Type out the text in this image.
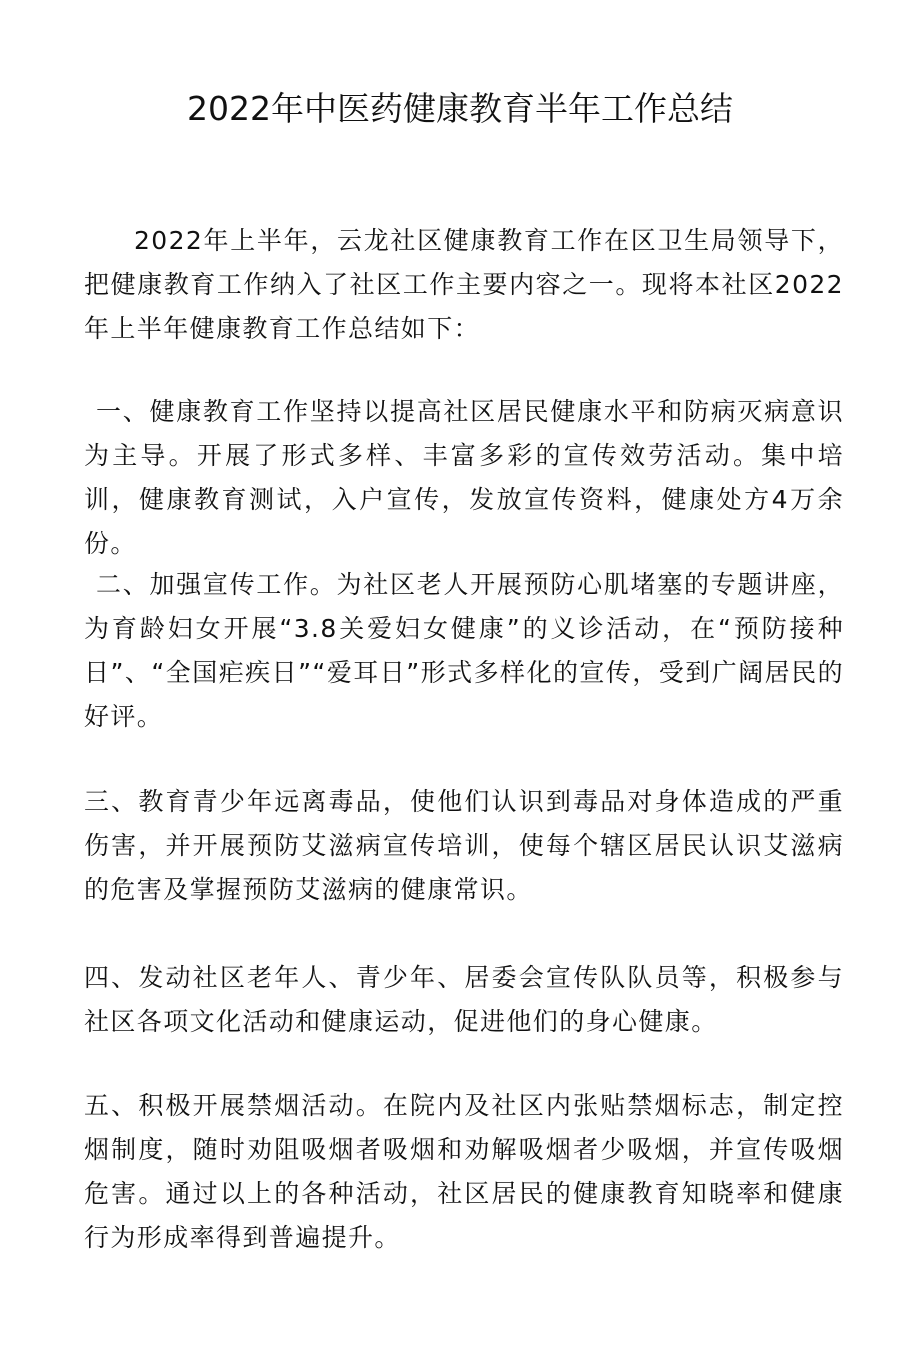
2022年中医药健康教育半年工作总结

2022年上半年，云龙社区健康教育工作在区卫生局领导下，把健康教育工作纳入了社区工作主要内容之一。现将本社区2022年上半年健康教育工作总结如下：

一、健康教育工作坚持以提高社区居民健康水平和防病灭病意识为主导。开展了形式多样、丰富多彩的宣传效劳活动。集中培训，健康教育测试，入户宣传，发放宣传资料，健康处方4万余份。

二、加强宣传工作。为社区老人开展预防心肌堵塞的专题讲座，为育龄妇女开展“3.8关爱妇女健康”的义诊活动，在“预防接种日”、“全国疟疾日”“爱耳日”形式多样化的宣传，受到广阔居民的好评。

三、教育青少年远离毒品，使他们认识到毒品对身体造成的严重伤害，并开展预防艾滋病宣传培训，使每个辖区居民认识艾滋病的危害及掌握预防艾滋病的健康常识。

四、发动社区老年人、青少年、居委会宣传队队员等，积极参与社区各项文化活动和健康运动，促进他们的身心健康。

五、积极开展禁烟活动。在院内及社区内张贴禁烟标志，制定控烟制度，随时劝阻吸烟者吸烟和劝解吸烟者少吸烟，并宣传吸烟危害。通过以上的各种活动，社区居民的健康教育知晓率和健康行为形成率得到普遍提升。
